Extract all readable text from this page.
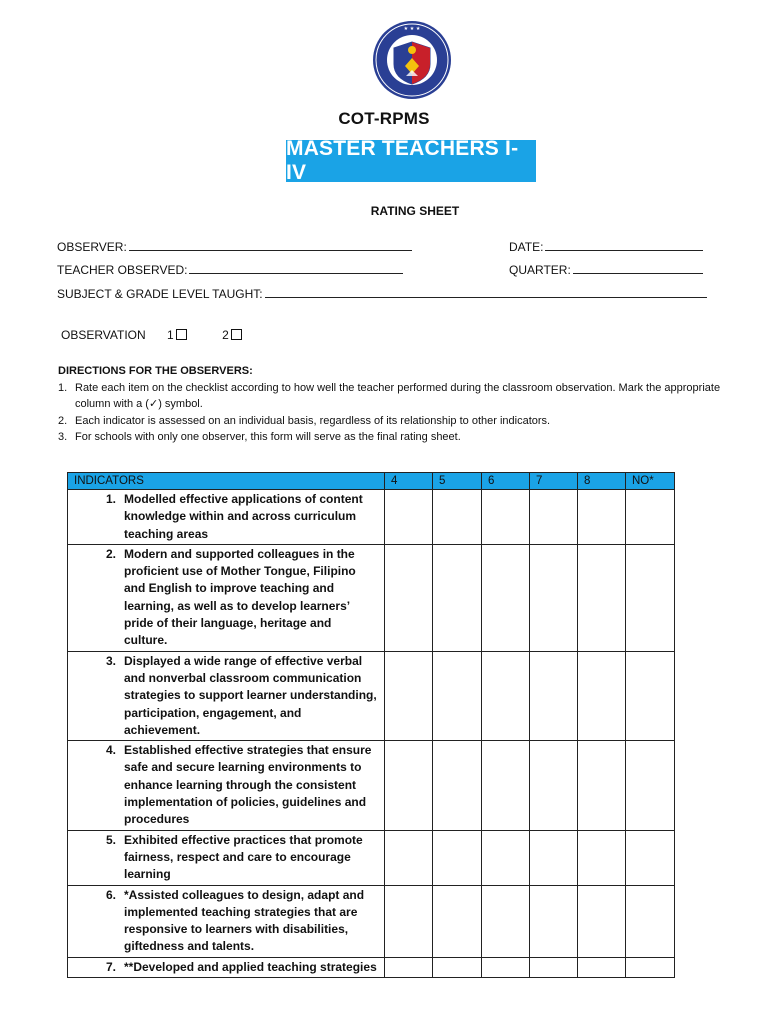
★ ★ ★
COT-RPMS
MASTER TEACHERS I-IV
RATING SHEET
OBSERVER:	DATE:
TEACHER OBSERVED:	QUARTER:
SUBJECT & GRADE LEVEL TAUGHT:
OBSERVATION 1	2
DIRECTIONS FOR THE OBSERVERS:
1. Rate each item on the checklist according to how well the teacher performed during the classroom observation. Mark the appropriate column with a (✓) symbol.
2. Each indicator is assessed on an individual basis, regardless of its relationship to other indicators.
3. For schools with only one observer, this form will serve as the final rating sheet.
INDICATORS	4	5	6	7	8	NO*

1. Modelled effective applications of content knowledge within and across curriculum teaching areas						

2. Modern and supported colleagues in the proficient use of Mother Tongue, Filipino and English to improve teaching and learning, as well as to develop learners’ pride of their language, heritage and culture.						

3. Displayed a wide range of effective verbal and nonverbal classroom communication strategies to support learner understanding, participation, engagement, and achievement.						

4. Established effective strategies that ensure safe and secure learning environments to enhance learning through the consistent implementation of policies, guidelines and procedures						

5. Exhibited effective practices that promote fairness, respect and care to encourage learning						

6. *Assisted colleagues to design, adapt and implemented teaching strategies that are responsive to learners with disabilities, giftedness and talents.						

7. **Developed and applied teaching strategies						
